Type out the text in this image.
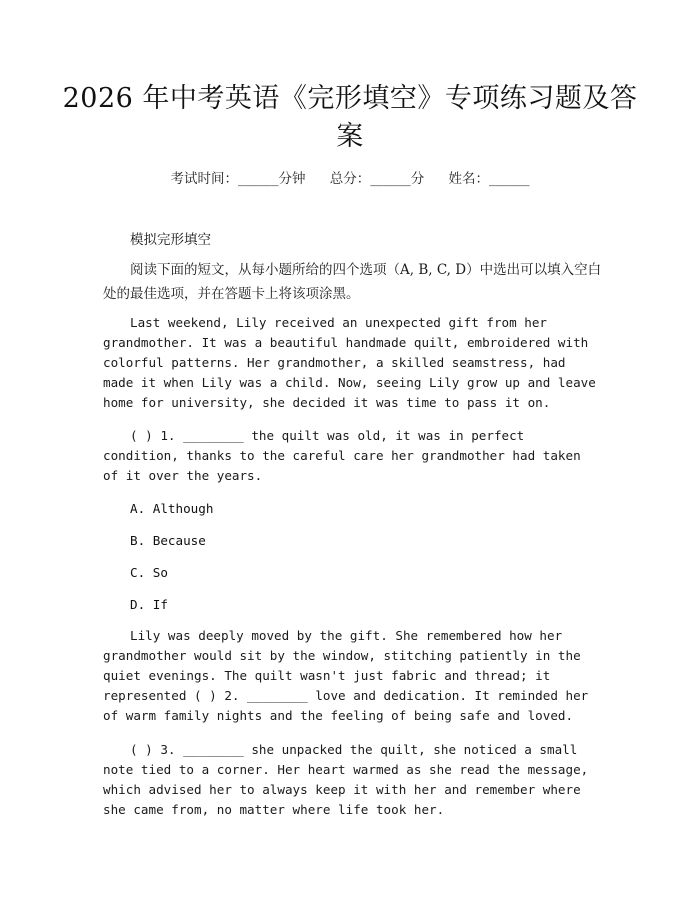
2026 年中考英语《完形填空》专项练习题及答案
考试时间：______分钟 总分：______分 姓名：______
模拟完形填空

阅读下面的短文，从每小题所给的四个选项（A, B, C, D）中选出可以填入空白处的最佳选项，并在答题卡上将该项涂黑。

Last weekend, Lily received an unexpected gift from her grandmother. It was a beautiful handmade quilt, embroidered with colorful patterns. Her grandmother, a skilled seamstress, had made it when Lily was a child. Now, seeing Lily grow up and leave home for university, she decided it was time to pass it on.

( ) 1. ________ the quilt was old, it was in perfect condition, thanks to the careful care her grandmother had taken of it over the years.

A. Although
B. Because
C. So
D. If

Lily was deeply moved by the gift. She remembered how her grandmother would sit by the window, stitching patiently in the quiet evenings. The quilt wasn't just fabric and thread; it represented ( ) 2. ________ love and dedication. It reminded her of warm family nights and the feeling of being safe and loved.

( ) 3. ________ she unpacked the quilt, she noticed a small note tied to a corner. Her heart warmed as she read the message, which advised her to always keep it with her and remember where she came from, no matter where life took her.
